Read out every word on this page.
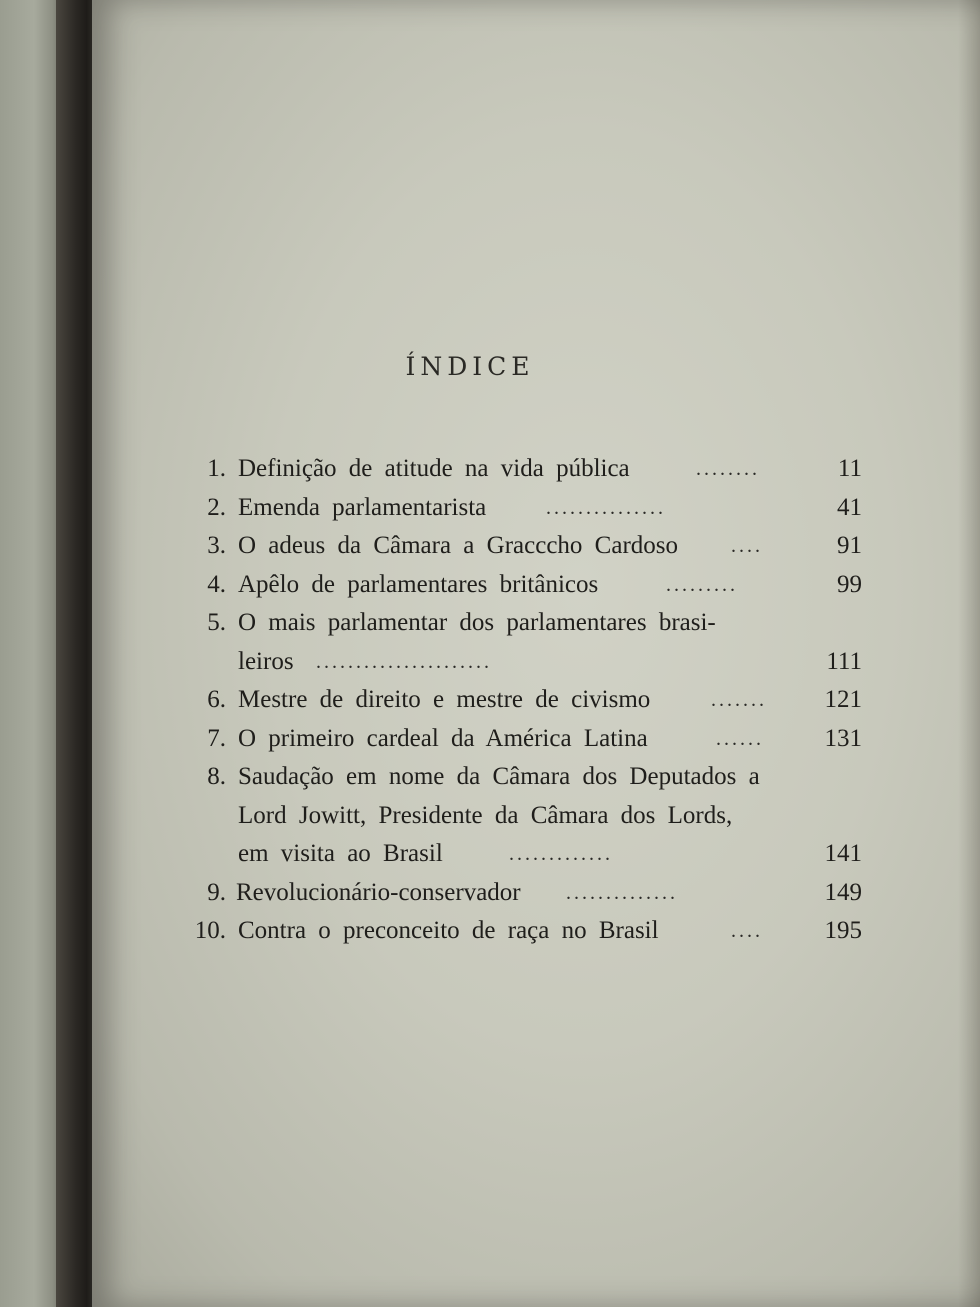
ÍNDICE
1. Definição de atitude na vida pública	........	11
2. Emenda parlamentarista	...............	41
3. O adeus da Câmara a Gracccho Cardoso	....	91
4. Apêlo de parlamentares britânicos	.........	99
5. O mais parlamentar dos parlamentares brasi-
leiros ......................	111
6. Mestre de direito e mestre de civismo	.......	121
7. O primeiro cardeal da América Latina	......	131
8. Saudação em nome da Câmara dos Deputados a
Lord Jowitt, Presidente da Câmara dos Lords,
em visita ao Brasil	.............	141
9. Revolucionário-conservador ..............	149
10. Contra o preconceito de raça no Brasil	....	195
